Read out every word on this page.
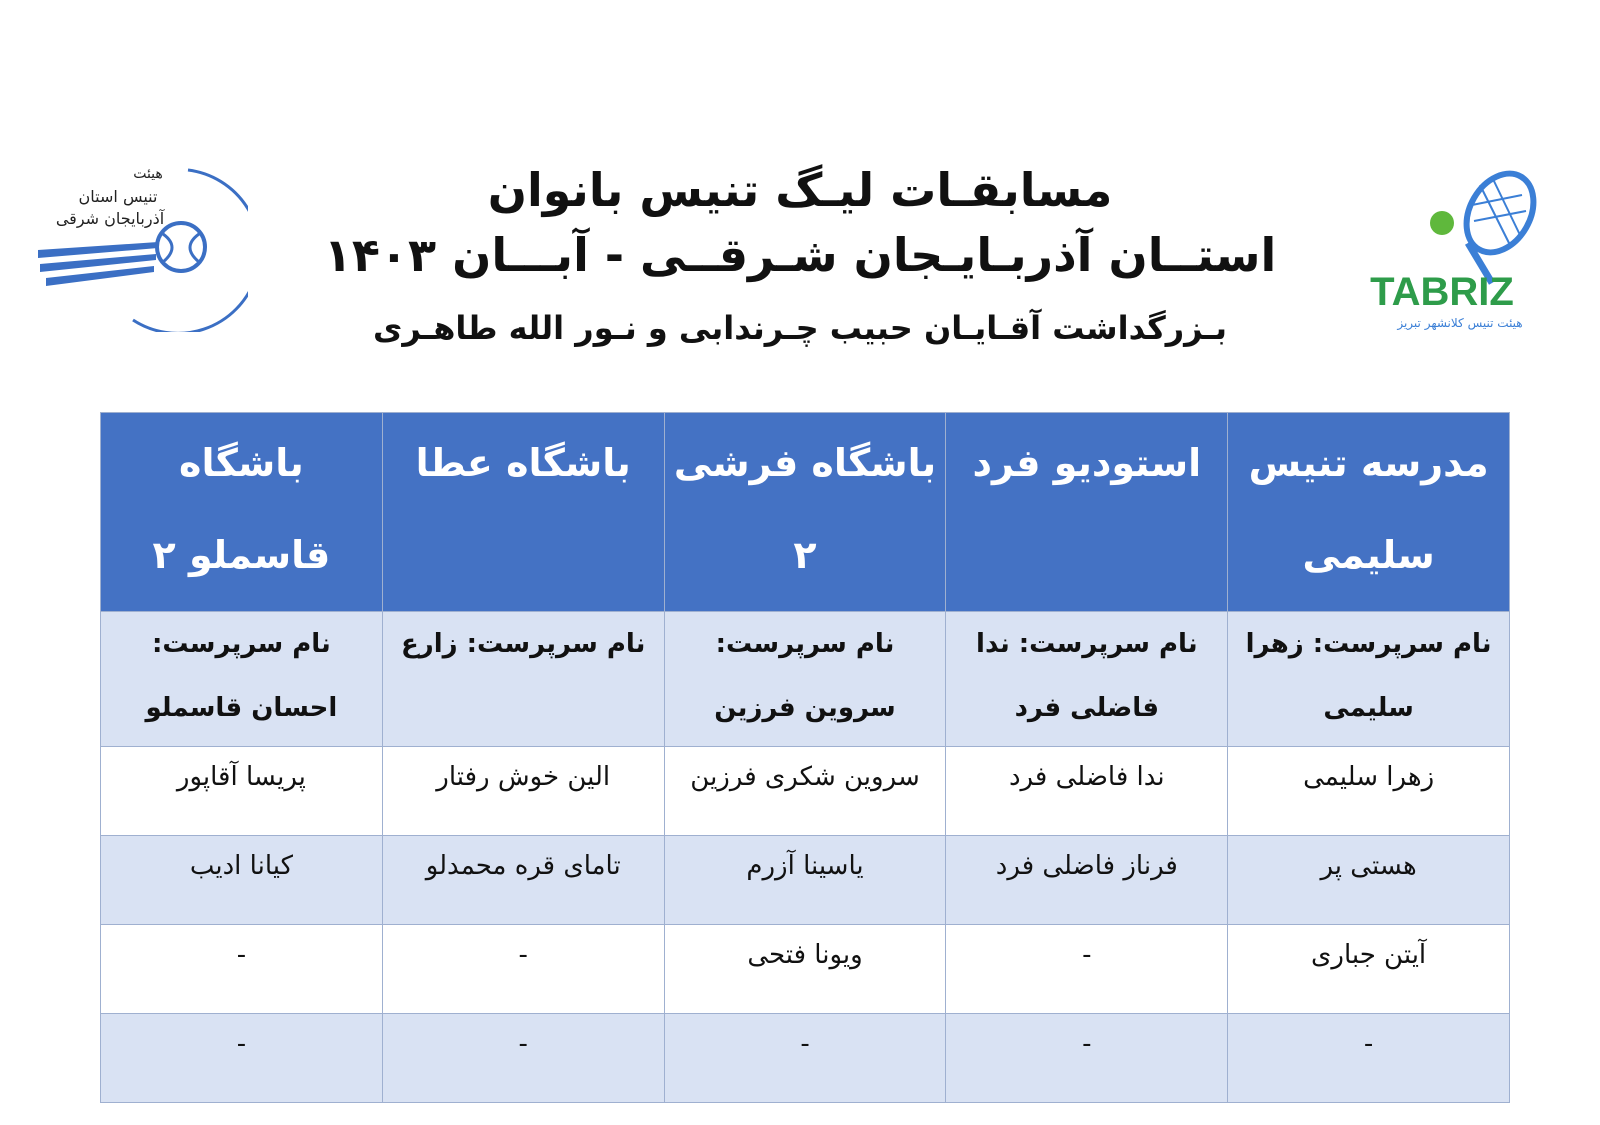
مسابقـات لیـگ تنیس بانوان
استــان آذربـایـجان شـرقــی - آبـــان ۱۴۰۳
بـزرگداشت آقـایـان حبیب چـرندابی و نـور الله طاهـری
هیئت
تنیس استان
آذربایجان شرقی
TABRIZ
هیئت تنیس کلانشهر تبریز
مدرسه تنیس سلیمی	استودیو فرد	باشگاه فرشی ۲	باشگاه عطا	باشگاه قاسملو ۲
نام سرپرست: زهرا سلیمی	نام سرپرست: ندا فاضلی فرد	نام سرپرست: سروین فرزین	نام سرپرست: زارع	نام سرپرست: احسان قاسملو
زهرا سلیمی	ندا فاضلی فرد	سروین شکری فرزین	الین خوش رفتار	پریسا آقاپور
هستی پر	فرناز فاضلی فرد	یاسینا آزرم	تامای قره محمدلو	کیانا ادیب
آیتن جباری	-	ویونا فتحی	-	-
-	-	-	-	-
